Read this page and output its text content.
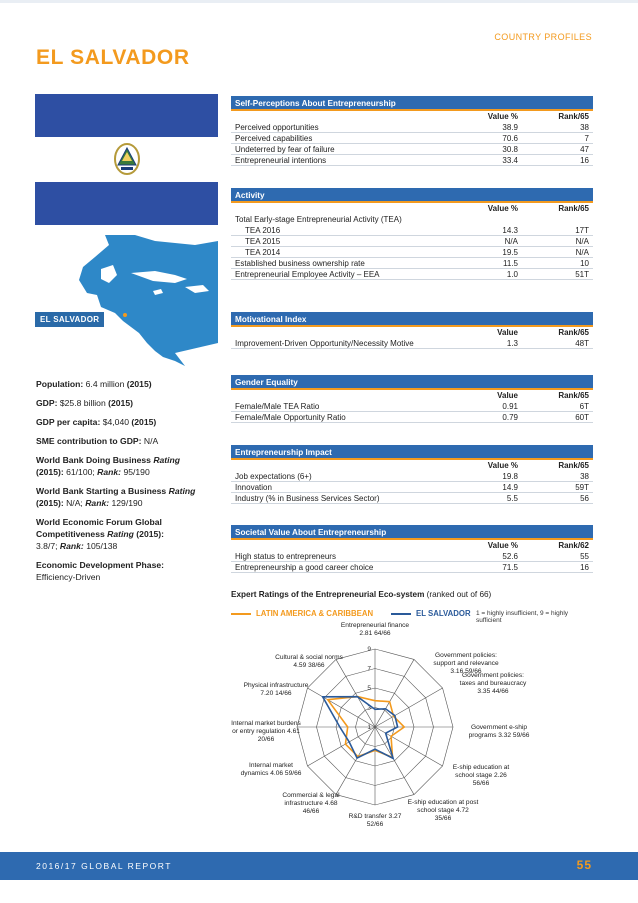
COUNTRY PROFILES
EL SALVADOR
EL SALVADOR
Population: 6.4 million (2015)
GDP: $25.8 billion (2015)
GDP per capita: $4,040 (2015)
SME contribution to GDP: N/A
World Bank Doing Business Rating
(2015): 61/100; Rank: 95/190
World Bank Starting a Business Rating
(2015): N/A; Rank: 129/190
World Economic Forum Global Competitiveness Rating (2015):
3.8/7; Rank: 105/138
Economic Development Phase:
Efficiency-Driven
Self-Perceptions About Entrepreneurship
Value %	Rank/65
Perceived opportunities	38.9	38
Perceived capabilities	70.6	7
Undeterred by fear of failure	30.8	47
Entrepreneurial intentions	33.4	16
Activity
Value %	Rank/65
Total Early-stage Entrepreneurial Activity (TEA)
TEA 2016	14.3	17T
TEA 2015	N/A	N/A
TEA 2014	19.5	N/A
Established business ownership rate	11.5	10
Entrepreneurial Employee Activity – EEA	1.0	51T
Motivational Index
Value	Rank/65
Improvement-Driven Opportunity/Necessity Motive	1.3	48T
Gender Equality
Value	Rank/65
Female/Male TEA Ratio	0.91	6T
Female/Male Opportunity Ratio	0.79	60T
Entrepreneurship Impact
Value %	Rank/65
Job expectations (6+)	19.8	38
Innovation	14.9	59T
Industry (% in Business Services Sector)	5.5	56
Societal Value About Entrepreneurship
Value %	Rank/62
High status to entrepreneurs	52.6	55
Entrepreneurship a good career choice	71.5	16
Expert Ratings of the Entrepreneurial Eco-system (ranked out of 66)
LATIN AMERICA & CARIBBEAN	EL SALVADOR 1 = highly insufficient, 9 = highly sufficient
1
3
5
7
9
Entrepreneurial finance 2.81 64/66
Government policies: support and relevance 3.16 59/66
Government policies: taxes and bureaucracy 3.35 44/66
Government e-ship programs 3.32 59/66
E-ship education at school stage 2.26 56/66
E-ship education at post school stage 4.72 35/66
R&D transfer 3.27 52/66
Commercial & legal infrastructure 4.68 46/66
Internal market dynamics 4.06 59/66
Internal market burdens or entry regulation 4.61 20/66
Physical infrastructure 7.20 14/66
Cultural & social norms 4.59 38/66
2016/17 GLOBAL REPORT	55
